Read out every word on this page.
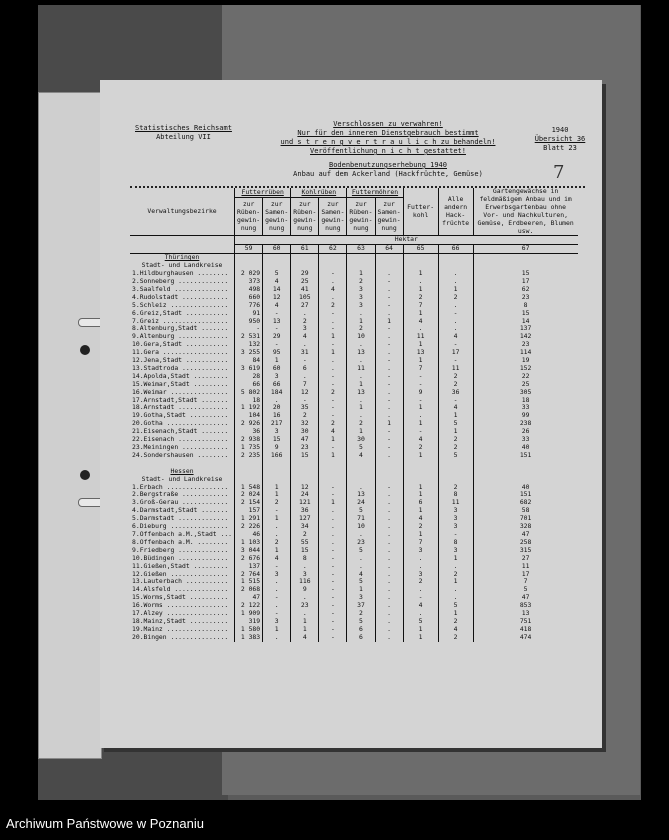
Statistisches Reichsamt
Abteilung VII
Verschlossen zu verwahren!
Nur für den inneren Dienstgebrauch bestimmt
und s t r e n g v e r t r a u l i c h zu behandeln!
Veröffentlichung n i c h t gestattet!
Bodenbenutzungserhebung 1940
Anbau auf dem Ackerland (Hackfrüchte, Gemüse)
1940
Übersicht 36
Blatt 23
7
Verwaltungsbezirke	Futterrüben		Kohlrüben		Futtermöhren		Futter-kohl	Alle andern Hack-früchte	Gartengewächse in feldmäßigem Anbau und im Erwerbsgartenbau ohne Vor- und Nachkulturen, Gemüse, Erdbeeren, Blumen usw.
	zur Rüben-gewin-nung	zur Samen-gewin-nung	zur Rüben-gewin-nung	zur Samen-gewin-nung	zur Rüben-gewin-nung	zur Samen-gewin-nung			
	Hektar								
	59	60	61	62	63	64	65	66	67
Thüringen									
Stadt- und Landkreise									
1.Hildburghausen ........	2 029	5	29	-	1	.	1	.	15
2.Sonneberg .............	373	4	25	.	2	-	.	.	17
3.Saalfeld ..............	498	14	41	4	3	.	1	1	62
4.Rudolstadt ............	660	12	105	.	3	-	2	2	23
5.Schleiz ...............	776	4	27	2	3	-	7	.	8
6.Greiz,Stadt ...........	91	-	.	-	.	.	1	-	15
7.Greiz .................	950	13	2	.	1	1	4	.	14
8.Altenburg,Stadt .......	-	-	3	-	2	-	.	.	137
9.Altenburg .............	2 531	29	4	1	10	.	11	4	142
10.Gera,Stadt ...........	132	-	.	-	.	-	1	-	23
11.Gera .................	3 255	95	31	1	13	.	13	17	114
12.Jena,Stadt ...........	84	1	-	.	.	-	1	-	19
13.Stadtroda ............	3 619	60	6	.	11	.	7	11	152
14.Apolda,Stadt .........	28	3	.	-	.	-	-	2	22
15.Weimar,Stadt .........	66	66	7	-	1	-	-	2	25
16.Weimar ...............	5 802	184	12	2	13	.	9	36	305
17.Arnstadt,Stadt .......	18	.	-	-	.	-	-	-	18
18.Arnstadt .............	1 192	20	35	-	1	.	1	4	33
19.Gotha,Stadt ..........	104	16	2	-	.	.	.	1	99
20.Gotha ................	2 926	217	32	2	2	1	1	5	238
21.Eisenach,Stadt .......	36	3	30	4	1	-	-	1	26
22.Eisenach .............	2 938	15	47	1	30	-	4	2	33
23.Meiningen ............	1 735	9	23	-	5	-	2	2	40
24.Sondershausen ........	2 235	166	15	1	4	.	1	5	151

Hessen									
Stadt- und Landkreise									
1.Erbach ................	1 548	1	12	-	.	-	1	2	40
2.Bergstraße ............	2 024	1	24	-	13	.	1	8	151
3.Groß-Gerau ............	2 154	2	121	1	24	.	6	11	682
4.Darmstadt,Stadt .......	157	-	36	.	5	.	1	3	58
5.Darmstadt .............	1 291	1	127	.	71	.	4	3	701
6.Dieburg ...............	2 226	.	34	.	10	.	2	3	328
7.Offenbach a.M.,Stadt ...	46	.	2	.	.	.	1	-	47
8.Offenbach a.M. ........	1 103	2	55	.	23	.	7	8	258
9.Friedberg .............	3 044	1	15	-	5	.	3	3	315
10.Büdingen .............	2 676	4	8	-	.	.	.	1	27
11.Gießen,Stadt .........	137	-	.	-	.	.	.	.	11
12.Gießen ...............	2 764	3	3	-	4	.	3	2	17
13.Lauterbach ...........	1 515	.	116	-	5	.	2	1	7
14.Alsfeld ..............	2 068	.	9	-	1	.	.	.	5
15.Worms,Stadt ..........	47	-	.	-	3	.	-	.	47
16.Worms ................	2 122	.	23	-	37	.	4	5	853
17.Alzey ................	1 909	-	.	-	2	.	.	1	13
18.Mainz,Stadt ..........	319	3	1	-	5	.	5	2	751
19.Mainz ................	1 580	1	1	-	6	.	1	4	418
20.Bingen ...............	1 383	.	4	-	6	.	1	2	474
Archiwum Państwowe w Poznaniu
